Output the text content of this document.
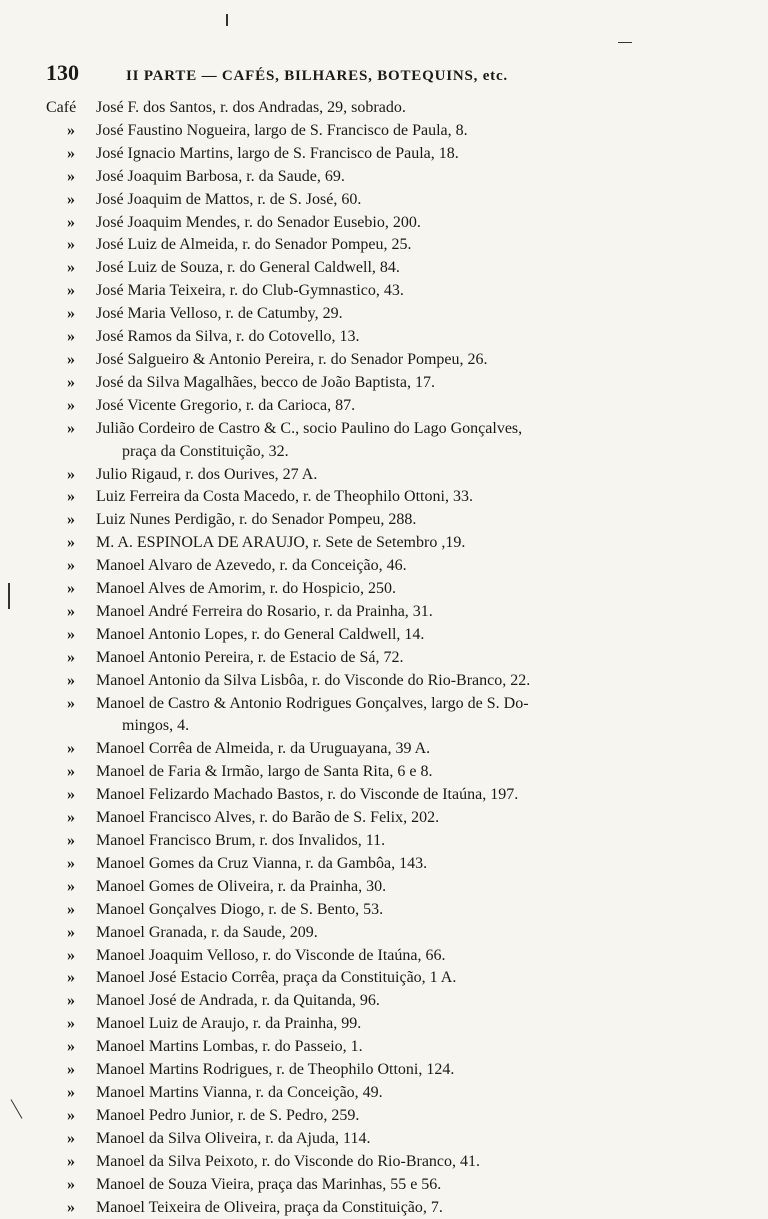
130	II PARTE — CAFÉS, BILHARES, BOTEQUINS, etc.
Café	José F. dos Santos, r. dos Andradas, 29, sobrado.
»	José Faustino Nogueira, largo de S. Francisco de Paula, 8.
»	José Ignacio Martins, largo de S. Francisco de Paula, 18.
»	José Joaquim Barbosa, r. da Saude, 69.
»	José Joaquim de Mattos, r. de S. José, 60.
»	José Joaquim Mendes, r. do Senador Eusebio, 200.
»	José Luiz de Almeida, r. do Senador Pompeu, 25.
»	José Luiz de Souza, r. do General Caldwell, 84.
»	José Maria Teixeira, r. do Club-Gymnastico, 43.
»	José Maria Velloso, r. de Catumby, 29.
»	José Ramos da Silva, r. do Cotovello, 13.
»	José Salgueiro & Antonio Pereira, r. do Senador Pompeu, 26.
»	José da Silva Magalhães, becco de João Baptista, 17.
»	José Vicente Gregorio, r. da Carioca, 87.
»	Julião Cordeiro de Castro & C., socio Paulino do Lago Gonçalves,
praça da Constituição, 32.
»	Julio Rigaud, r. dos Ourives, 27 A.
»	Luiz Ferreira da Costa Macedo, r. de Theophilo Ottoni, 33.
»	Luiz Nunes Perdigão, r. do Senador Pompeu, 288.
»	M. A. ESPINOLA DE ARAUJO, r. Sete de Setembro ,19.
»	Manoel Alvaro de Azevedo, r. da Conceição, 46.
»	Manoel Alves de Amorim, r. do Hospicio, 250.
»	Manoel André Ferreira do Rosario, r. da Prainha, 31.
»	Manoel Antonio Lopes, r. do General Caldwell, 14.
»	Manoel Antonio Pereira, r. de Estacio de Sá, 72.
»	Manoel Antonio da Silva Lisbôa, r. do Visconde do Rio-Branco, 22.
»	Manoel de Castro & Antonio Rodrigues Gonçalves, largo de S. Do-
mingos, 4.
»	Manoel Corrêa de Almeida, r. da Uruguayana, 39 A.
»	Manoel de Faria & Irmão, largo de Santa Rita, 6 e 8.
»	Manoel Felizardo Machado Bastos, r. do Visconde de Itaúna, 197.
»	Manoel Francisco Alves, r. do Barão de S. Felix, 202.
»	Manoel Francisco Brum, r. dos Invalidos, 11.
»	Manoel Gomes da Cruz Vianna, r. da Gambôa, 143.
»	Manoel Gomes de Oliveira, r. da Prainha, 30.
»	Manoel Gonçalves Diogo, r. de S. Bento, 53.
»	Manoel Granada, r. da Saude, 209.
»	Manoel Joaquim Velloso, r. do Visconde de Itaúna, 66.
»	Manoel José Estacio Corrêa, praça da Constituição, 1 A.
»	Manoel José de Andrada, r. da Quitanda, 96.
»	Manoel Luiz de Araujo, r. da Prainha, 99.
»	Manoel Martins Lombas, r. do Passeio, 1.
»	Manoel Martins Rodrigues, r. de Theophilo Ottoni, 124.
»	Manoel Martins Vianna, r. da Conceição, 49.
»	Manoel Pedro Junior, r. de S. Pedro, 259.
»	Manoel da Silva Oliveira, r. da Ajuda, 114.
»	Manoel da Silva Peixoto, r. do Visconde do Rio-Branco, 41.
»	Manoel de Souza Vieira, praça das Marinhas, 55 e 56.
»	Manoel Teixeira de Oliveira, praça da Constituição, 7.
